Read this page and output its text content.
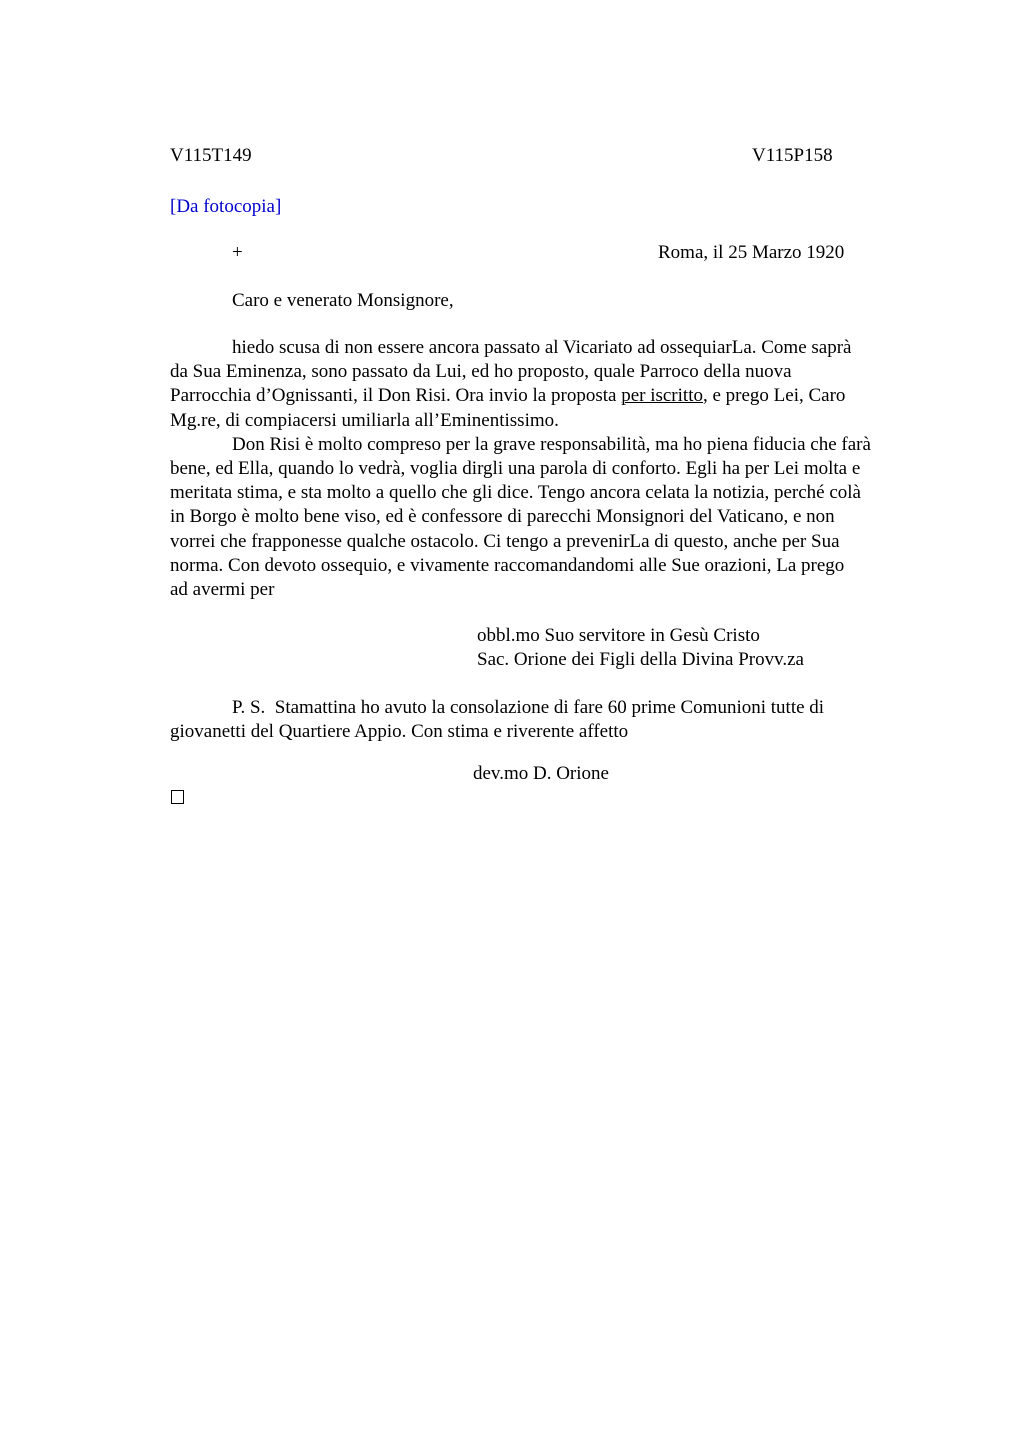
V115T149	V115P158
[Da fotocopia]
+	Roma, il 25 Marzo 1920
Caro e venerato Monsignore,
hiedo scusa di non essere ancora passato al Vicariato ad ossequiarLa. Come saprà
da Sua Eminenza, sono passato da Lui, ed ho proposto, quale Parroco della nuova
Parrocchia d’Ognissanti, il Don Risi. Ora invio la proposta per iscritto, e prego Lei, Caro
Mg.re, di compiacersi umiliarla all’Eminentissimo.
Don Risi è molto compreso per la grave responsabilità, ma ho piena fiducia che farà
bene, ed Ella, quando lo vedrà, voglia dirgli una parola di conforto. Egli ha per Lei molta e
meritata stima, e sta molto a quello che gli dice. Tengo ancora celata la notizia, perché colà
in Borgo è molto bene viso, ed è confessore di parecchi Monsignori del Vaticano, e non
vorrei che frapponesse qualche ostacolo. Ci tengo a prevenirLa di questo, anche per Sua
norma. Con devoto ossequio, e vivamente raccomandandomi alle Sue orazioni, La prego
ad avermi per
obbl.mo Suo servitore in Gesù Cristo
Sac. Orione dei Figli della Divina Provv.za
P. S.  Stamattina ho avuto la consolazione di fare 60 prime Comunioni tutte di
giovanetti del Quartiere Appio. Con stima e riverente affetto
dev.mo D. Orione
